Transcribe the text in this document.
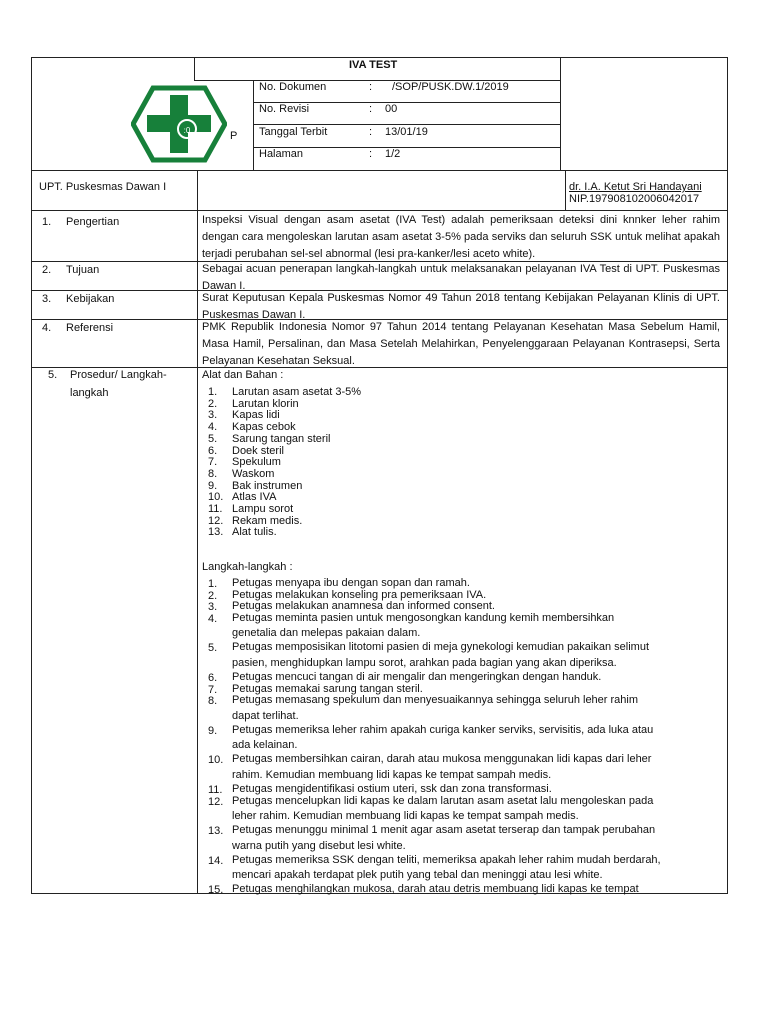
IVA TEST
:0	P
No. Dokumen	: /SOP/PUSK.DW.1/2019
No. Revisi	: 00
Tanggal Terbit	: 13/01/19
Halaman	: 1/2
UPT. Puskesmas Dawan I	dr. I.A. Ketut Sri Handayani
NIP.197908102006042017
1. Pengertian	Inspeksi Visual dengan asam asetat (IVA Test) adalah pemeriksaan deteksi dini knnker leher rahim dengan cara mengoleskan larutan asam asetat 3-5% pada serviks dan seluruh SSK untuk melihat apakah terjadi perubahan sel-sel abnormal (lesi pra-kanker/lesi aceto white).
2. Tujuan	Sebagai acuan penerapan langkah-langkah untuk melaksanakan pelayanan IVA Test di UPT. Puskesmas Dawan I.
3. Kebijakan	Surat Keputusan Kepala Puskesmas Nomor 49 Tahun 2018 tentang Kebijakan Pelayanan Klinis di UPT. Puskesmas Dawan I.
4. Referensi	PMK Republik Indonesia Nomor 97 Tahun 2014 tentang Pelayanan Kesehatan Masa Sebelum Hamil, Masa Hamil, Persalinan, dan Masa Setelah Melahirkan, Penyelenggaraan Pelayanan Kontrasepsi, Serta Pelayanan Kesehatan Seksual.
5. Prosedur/ Langkah-
langkah
Alat dan Bahan :
1. Larutan asam asetat 3-5%
2. Larutan klorin
3. Kapas lidi
4. Kapas cebok
5. Sarung tangan steril
6. Doek steril
7. Spekulum
8. Waskom
9. Bak instrumen
10. Atlas IVA
11. Lampu sorot
12. Rekam medis.
13. Alat tulis.
Langkah-langkah :
1. Petugas menyapa ibu dengan sopan dan ramah.
2. Petugas melakukan konseling pra pemeriksaan IVA.
3. Petugas melakukan anamnesa dan informed consent.
4. Petugas meminta pasien untuk mengosongkan kandung kemih membersihkan
genetalia dan melepas pakaian dalam.
5. Petugas memposisikan litotomi pasien di meja gynekologi kemudian pakaikan selimut
pasien, menghidupkan lampu sorot, arahkan pada bagian yang akan diperiksa.
6. Petugas mencuci tangan di air mengalir dan mengeringkan dengan handuk.
7. Petugas memakai sarung tangan steril.
8. Petugas memasang spekulum dan menyesuaikannya sehingga seluruh leher rahim
dapat terlihat.
9. Petugas memeriksa leher rahim apakah curiga kanker serviks, servisitis, ada luka atau
ada kelainan.
10. Petugas membersihkan cairan, darah atau mukosa menggunakan lidi kapas dari leher
rahim. Kemudian membuang lidi kapas ke tempat sampah medis.
11. Petugas mengidentifikasi ostium uteri, ssk dan zona transformasi.
12. Petugas mencelupkan lidi kapas ke dalam larutan asam asetat lalu mengoleskan pada
leher rahim. Kemudian membuang lidi kapas ke tempat sampah medis.
13. Petugas menunggu minimal 1 menit agar asam asetat terserap dan tampak perubahan
warna putih yang disebut lesi white.
14. Petugas memeriksa SSK dengan teliti, memeriksa apakah leher rahim mudah berdarah,
mencari apakah terdapat plek putih yang tebal dan meninggi atau lesi white.
15. Petugas menghilangkan mukosa, darah atau detris membuang lidi kapas ke tempat
